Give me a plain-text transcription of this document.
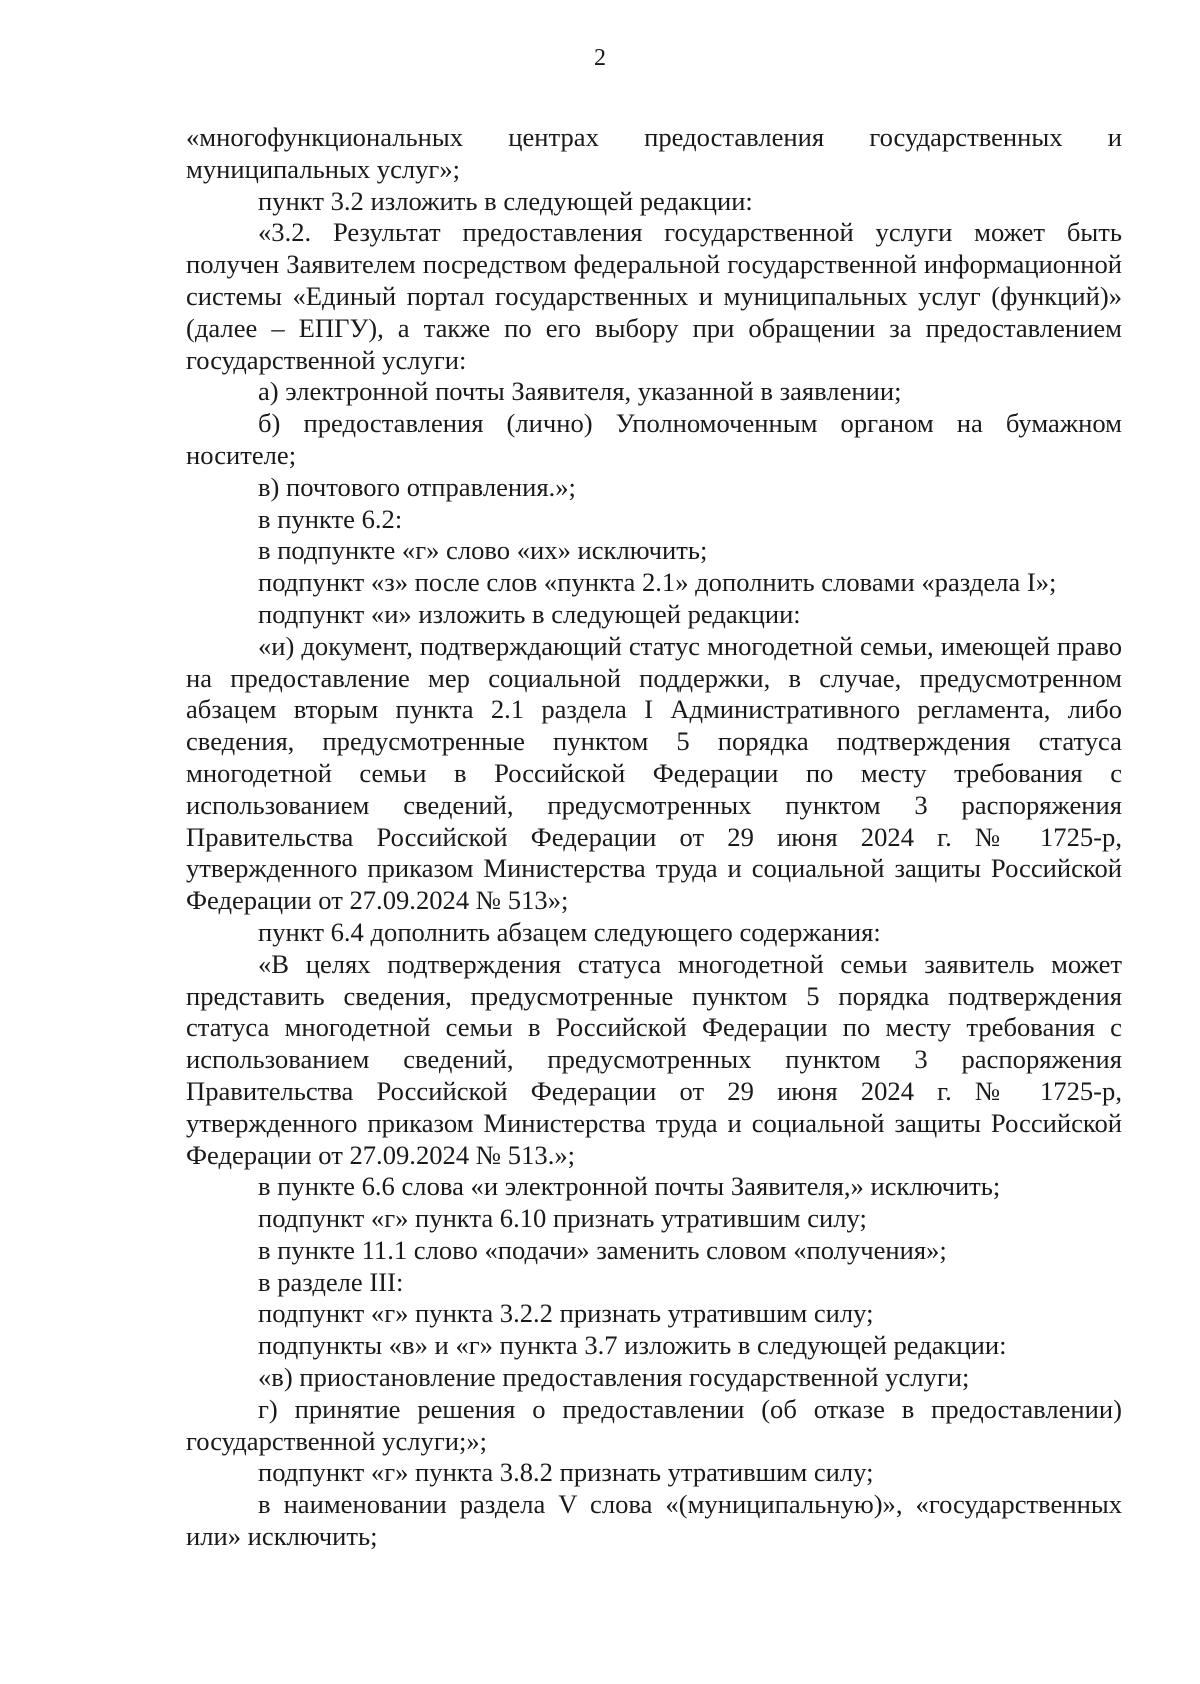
2

«многофункциональных центрах предоставления государственных и муниципальных услуг»;

пункт 3.2 изложить в следующей редакции:

«3.2. Результат предоставления государственной услуги может быть получен Заявителем посредством федеральной государственной информационной системы «Единый портал государственных и муниципальных услуг (функций)» (далее – ЕПГУ), а также по его выбору при обращении за предоставлением государственной услуги:

а) электронной почты Заявителя, указанной в заявлении;

б) предоставления (лично) Уполномоченным органом на бумажном носителе;

в) почтового отправления.»;

в пункте 6.2:

в подпункте «г» слово «их» исключить;

подпункт «з» после слов «пункта 2.1» дополнить словами «раздела I»;

подпункт «и» изложить в следующей редакции:

«и) документ, подтверждающий статус многодетной семьи, имеющей право на предоставление мер социальной поддержки, в случае, предусмотренном абзацем вторым пункта 2.1 раздела I Административного регламента, либо сведения, предусмотренные пунктом 5 порядка подтверждения статуса многодетной семьи в Российской Федерации по месту требования с использованием сведений, предусмотренных пунктом 3 распоряжения Правительства Российской Федерации от 29 июня 2024 г. № 1725-р, утвержденного приказом Министерства труда и социальной защиты Российской Федерации от 27.09.2024 № 513»;

пункт 6.4 дополнить абзацем следующего содержания:

«В целях подтверждения статуса многодетной семьи заявитель может представить сведения, предусмотренные пунктом 5 порядка подтверждения статуса многодетной семьи в Российской Федерации по месту требования с использованием сведений, предусмотренных пунктом 3 распоряжения Правительства Российской Федерации от 29 июня 2024 г. № 1725-р, утвержденного приказом Министерства труда и социальной защиты Российской Федерации от 27.09.2024 № 513.»;

в пункте 6.6 слова «и электронной почты Заявителя,» исключить;

подпункт «г» пункта 6.10 признать утратившим силу;

в пункте 11.1 слово «подачи» заменить словом «получения»;

в разделе III:

подпункт «г» пункта 3.2.2 признать утратившим силу;

подпункты «в» и «г» пункта 3.7 изложить в следующей редакции:

«в) приостановление предоставления государственной услуги;

г) принятие решения о предоставлении (об отказе в предоставлении) государственной услуги;»;

подпункт «г» пункта 3.8.2 признать утратившим силу;

в наименовании раздела V слова «(муниципальную)», «государственных или» исключить;
